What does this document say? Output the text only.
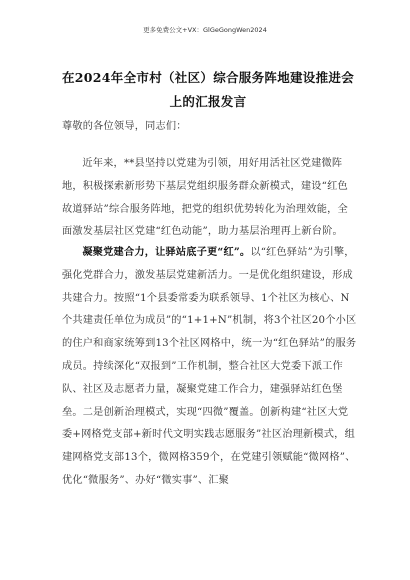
更多免费公文+VX：GlGeGongWen2024
在2024年全市村（社区）综合服务阵地建设推进会上的汇报发言
尊敬的各位领导，同志们：
近年来，**县坚持以党建为引领，用好用活社区党建微阵地，积极探索新形势下基层党组织服务群众新模式，建设“红色故道驿站”综合服务阵地，把党的组织优势转化为治理效能，全面激发基层社区党建“红色动能”，助力基层治理再上新台阶。
凝聚党建合力，让驿站底子更“红”。以“红色驿站”为引擎，强化党群合力，激发基层党建新活力。一是优化组织建设，形成共建合力。按照“1个县委常委为联系领导、1个社区为核心、N个共建责任单位为成员”的“1+1+N”机制，将3个社区20个小区的住户和商家统筹到13个社区网格中，统一为“红色驿站”的服务成员。持续深化“双报到”工作机制，整合社区大党委下派工作队、社区及志愿者力量，凝聚党建工作合力，建强驿站红色堡垒。二是创新治理模式，实现“四微”覆盖。创新构建“社区大党委+网格党支部+新时代文明实践志愿服务”社区治理新模式，组建网格党支部13个，微网格359个，在党建引领赋能“微网格”、优化“微服务”、办好“微实事”、汇聚
